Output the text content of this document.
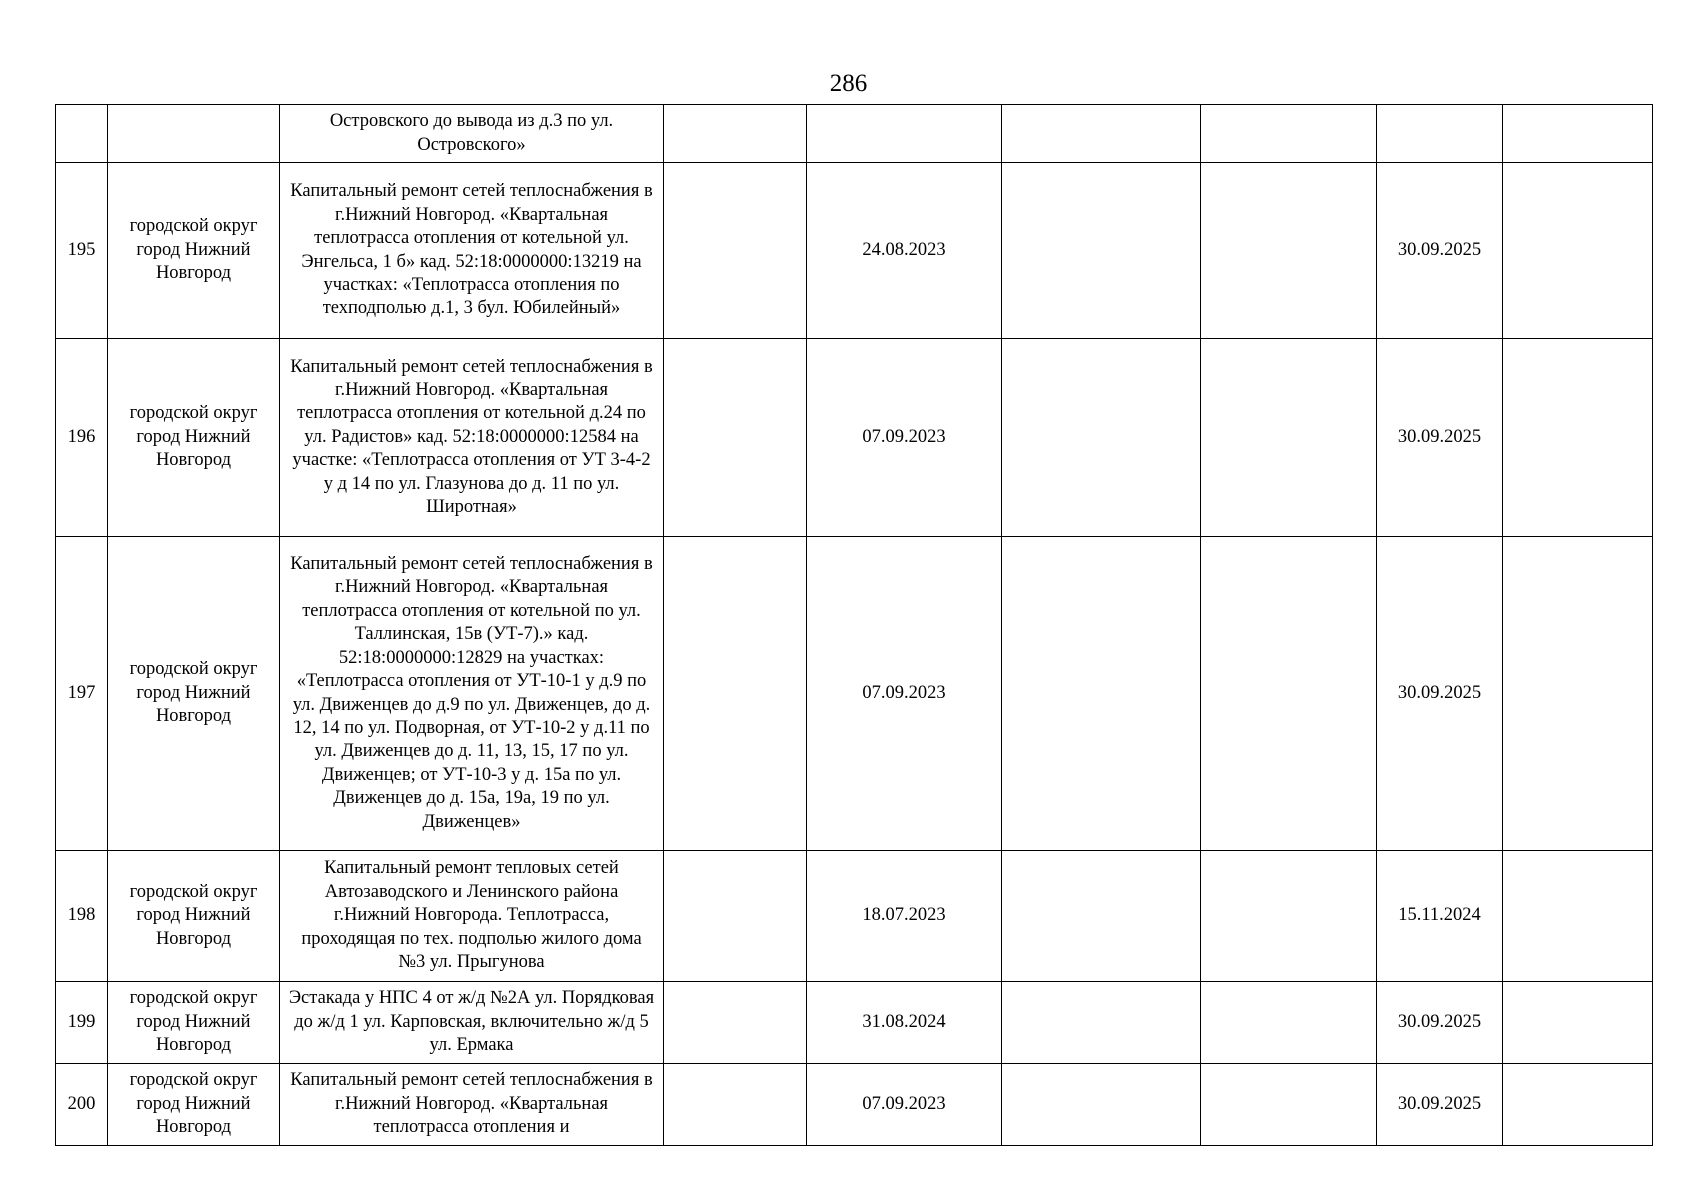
286
		Островского до вывода из д.3 по ул. Островского»						
195	городской округ город Нижний Новгород	Капитальный ремонт сетей теплоснабжения в г.Нижний Новгород. «Квартальная теплотрасса отопления от котельной ул. Энгельса, 1 б» кад. 52:18:0000000:13219 на участках: «Теплотрасса отопления по техподполью д.1, 3 бул. Юбилейный»		24.08.2023			30.09.2025	
196	городской округ город Нижний Новгород	Капитальный ремонт сетей теплоснабжения в г.Нижний Новгород. «Квартальная теплотрасса отопления от котельной д.24 по ул. Радистов» кад. 52:18:0000000:12584 на участке: «Теплотрасса отопления от УТ 3-4-2 у д 14 по ул. Глазунова до д. 11 по ул. Широтная»		07.09.2023			30.09.2025	
197	городской округ город Нижний Новгород	Капитальный ремонт сетей теплоснабжения в г.Нижний Новгород. «Квартальная теплотрасса отопления от котельной по ул. Таллинская, 15в (УТ-7).» кад. 52:18:0000000:12829 на участках: «Теплотрасса отопления от УТ-10-1 у д.9 по ул. Движенцев до д.9 по ул. Движенцев, до д. 12, 14 по ул. Подворная, от УТ-10-2 у д.11 по ул. Движенцев до д. 11, 13, 15, 17 по ул. Движенцев; от УТ-10-3 у д. 15а по ул. Движенцев до д. 15а, 19а, 19 по ул. Движенцев»		07.09.2023			30.09.2025	
198	городской округ город Нижний Новгород	Капитальный ремонт тепловых сетей Автозаводского и Ленинского района г.Нижний Новгорода. Теплотрасса, проходящая по тех. подполью жилого дома №3 ул. Прыгунова		18.07.2023			15.11.2024	
199	городской округ город Нижний Новгород	Эстакада у НПС 4 от ж/д №2А ул. Порядковая до ж/д 1 ул. Карповская, включительно ж/д 5 ул. Ермака		31.08.2024			30.09.2025	
200	городской округ город Нижний Новгород	Капитальный ремонт сетей теплоснабжения в г.Нижний Новгород. «Квартальная теплотрасса отопления и		07.09.2023			30.09.2025	
